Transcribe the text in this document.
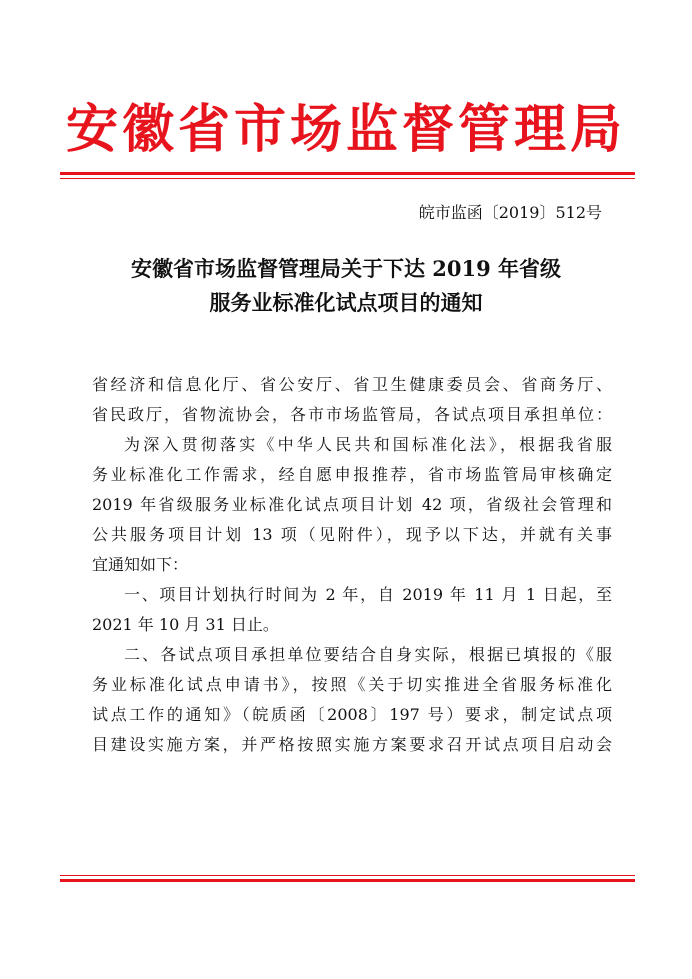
安徽省市场监督管理局
皖市监函〔2019〕512号
安徽省市场监督管理局关于下达 2019 年省级
服务业标准化试点项目的通知
省经济和信息化厅、省公安厅、省卫生健康委员会、省商务厅、
省民政厅，省物流协会，各市市场监管局，各试点项目承担单位：
为深入贯彻落实《中华人民共和国标准化法》，根据我省服
务业标准化工作需求，经自愿申报推荐，省市场监管局审核确定
2019 年省级服务业标准化试点项目计划 42 项，省级社会管理和
公共服务项目计划 13 项（见附件），现予以下达，并就有关事
宜通知如下：
一、项目计划执行时间为 2 年，自 2019 年 11 月 1 日起，至
2021 年 10 月 31 日止。
二、各试点项目承担单位要结合自身实际，根据已填报的《服
务业标准化试点申请书》，按照《关于切实推进全省服务标准化
试点工作的通知》（皖质函〔2008〕197 号）要求，制定试点项
目建设实施方案，并严格按照实施方案要求召开试点项目启动会
